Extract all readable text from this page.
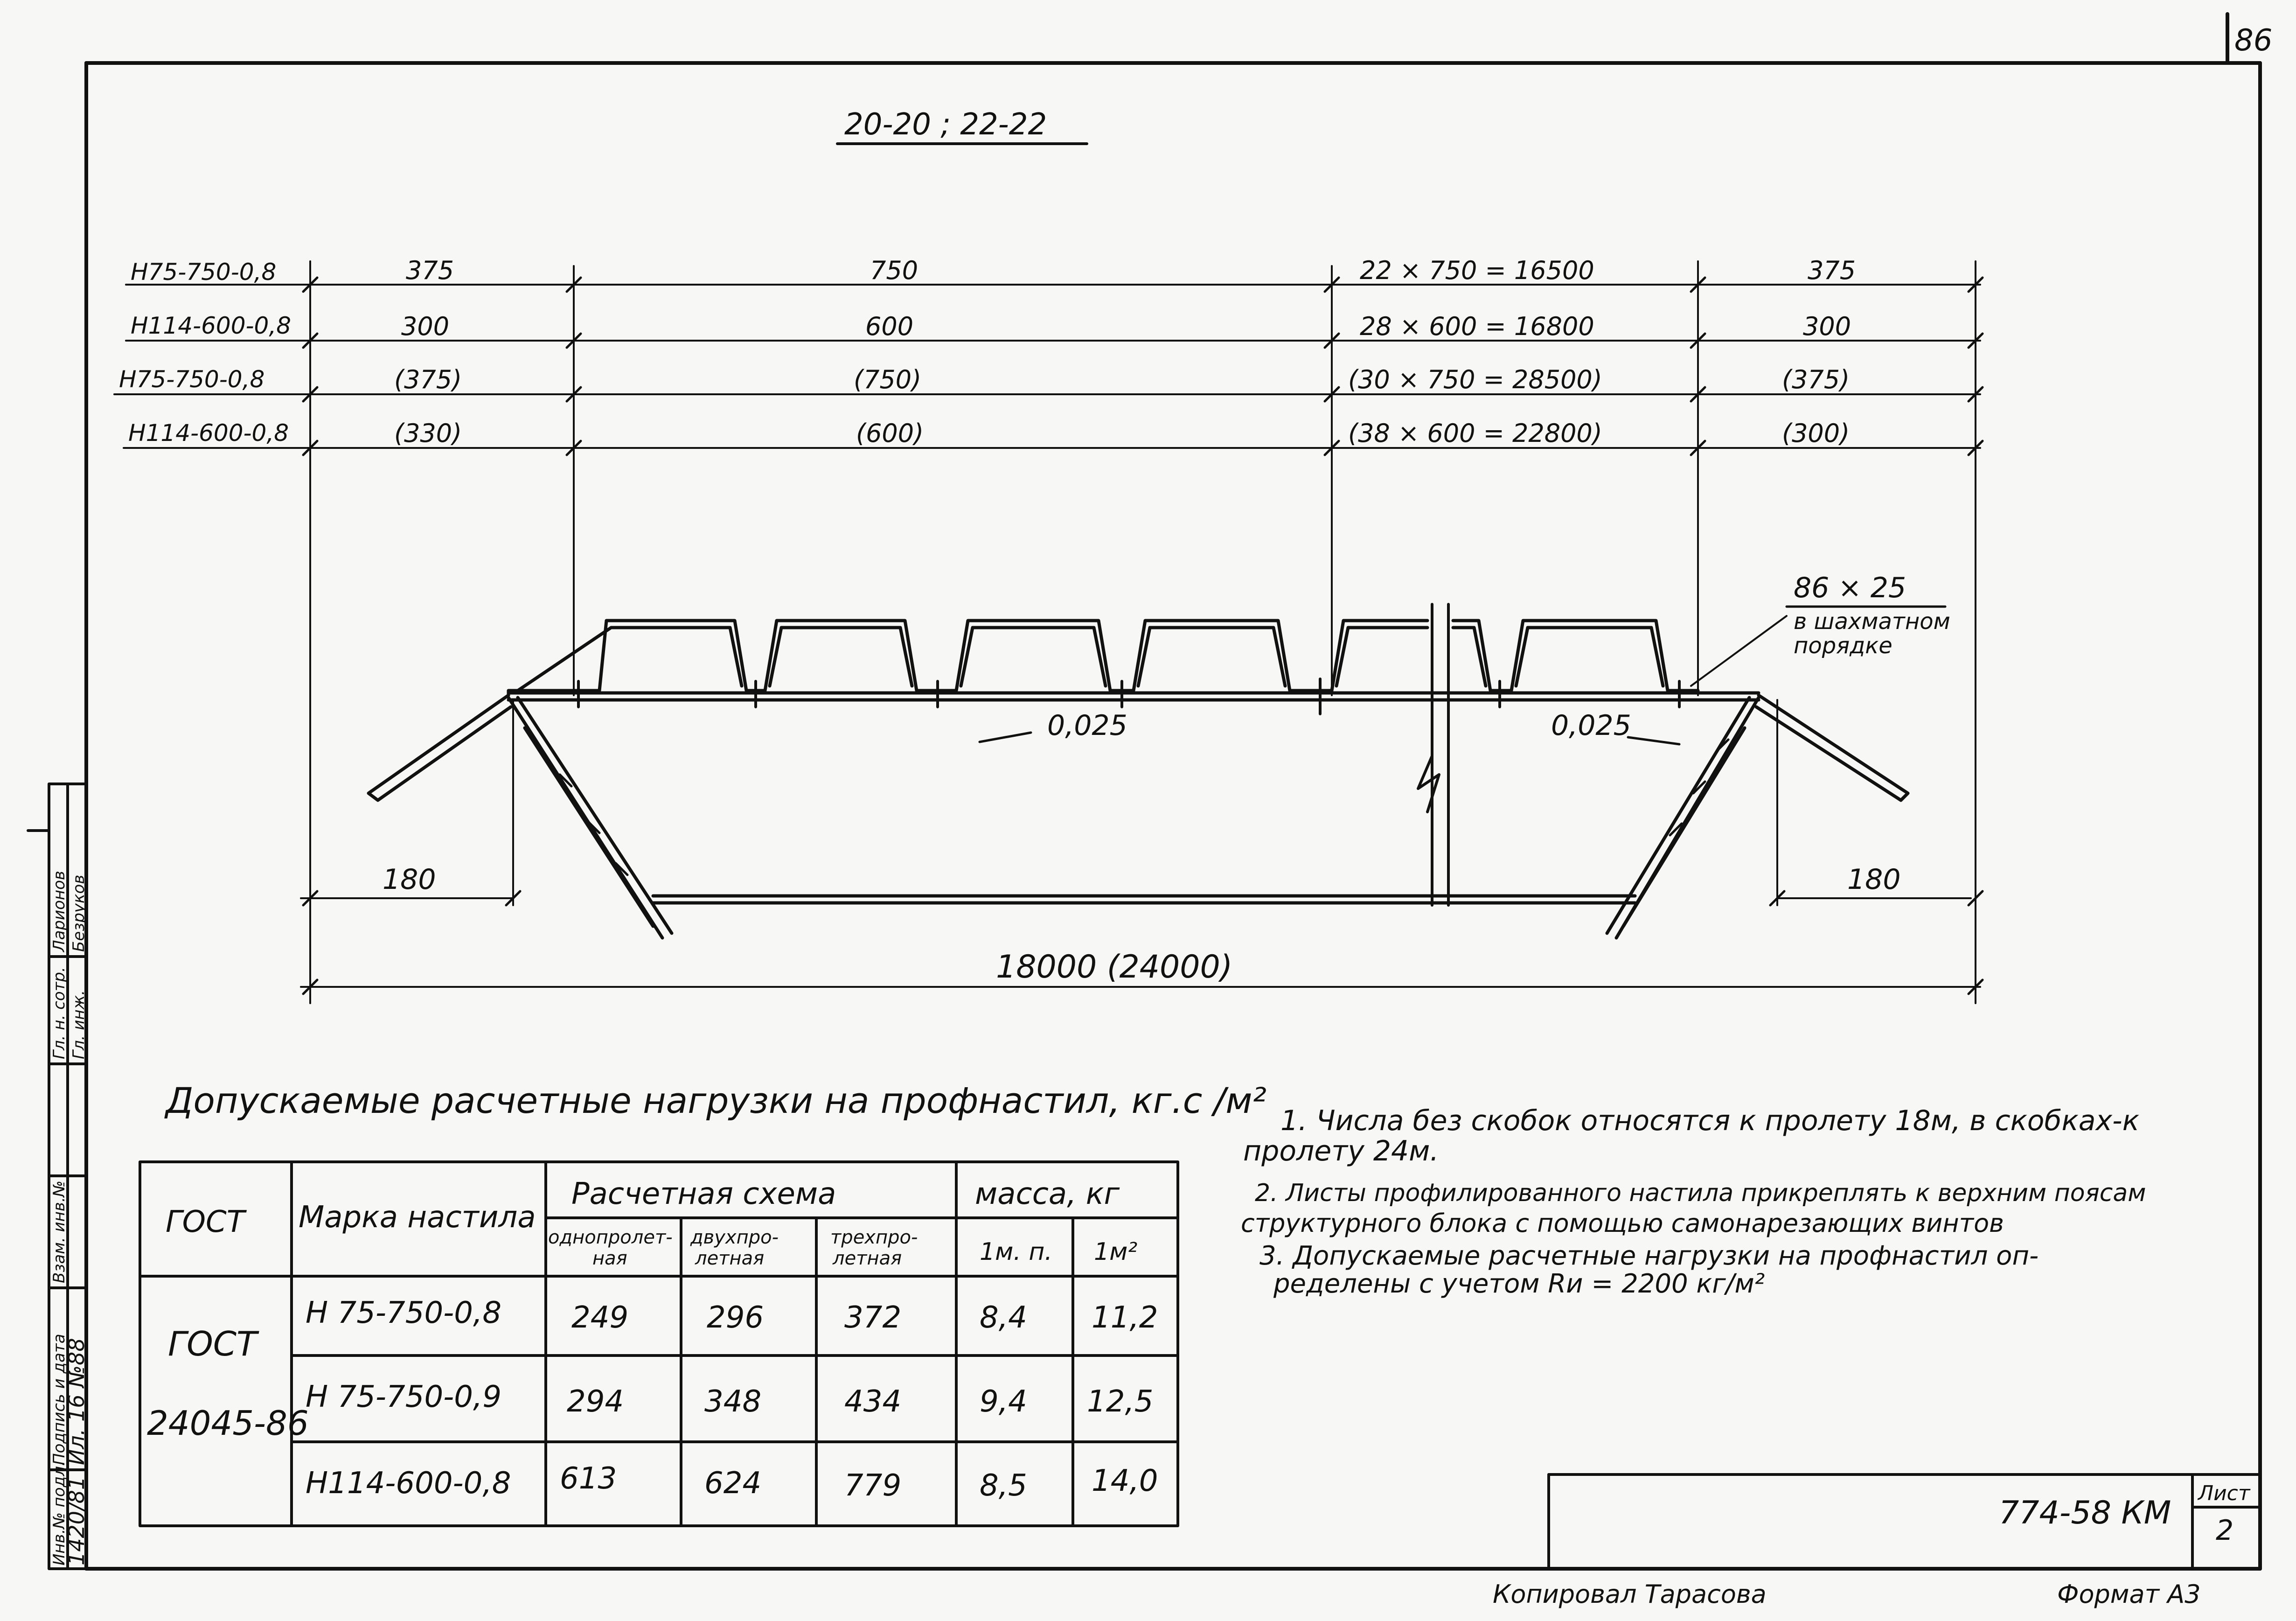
86
20-20 ; 22-22
H75-750-0,8	375	750	22 × 750 = 16500	375
H114-600-0,8	300	600	28 × 600 = 16800	300
H75-750-0,8	(375)	(750)	(30 × 750 = 28500)	(375)
H114-600-0,8	(330)	(600)	(38 × 600 = 22800)	(300)
86 × 25
в шахматном
порядке
0,025	0,025
180	180
18000 (24000)
Допускаемые расчетные нагрузки на профнастил, кг.с /м²
ГОСТ Марка настила
Расчетная схема	масса, кг
однопролет-
ная
двухпро-
летная
трехпро-
летная	1м. п. 1м²
ГОСТ
24045-86
Н 75-750-0,8 249	296	372	8,4 11,2
Н 75-750-0,9 294	348	434	9,4 12,5
Н114-600-0,8 613	624	779	8,5 14,0
774-58 КМ
Лист
2
Копировал Тарасова	Формат А3
Инв.№ подл.
1420/81
Подпись и дата
Ил. 16 №88
Взам. инв.№
Гл. н. сотр. Гл. инж.
Ларионов Безруков
1. Числа без скобок относятся к пролету 18м, в скобках-к
пролету 24м.
2. Листы профилированного настила прикреплять к верхним поясам
структурного блока с помощью самонарезающих винтов
3. Допускаемые расчетные нагрузки на профнастил оп-
ределены с учетом Rи = 2200 кг/м²
